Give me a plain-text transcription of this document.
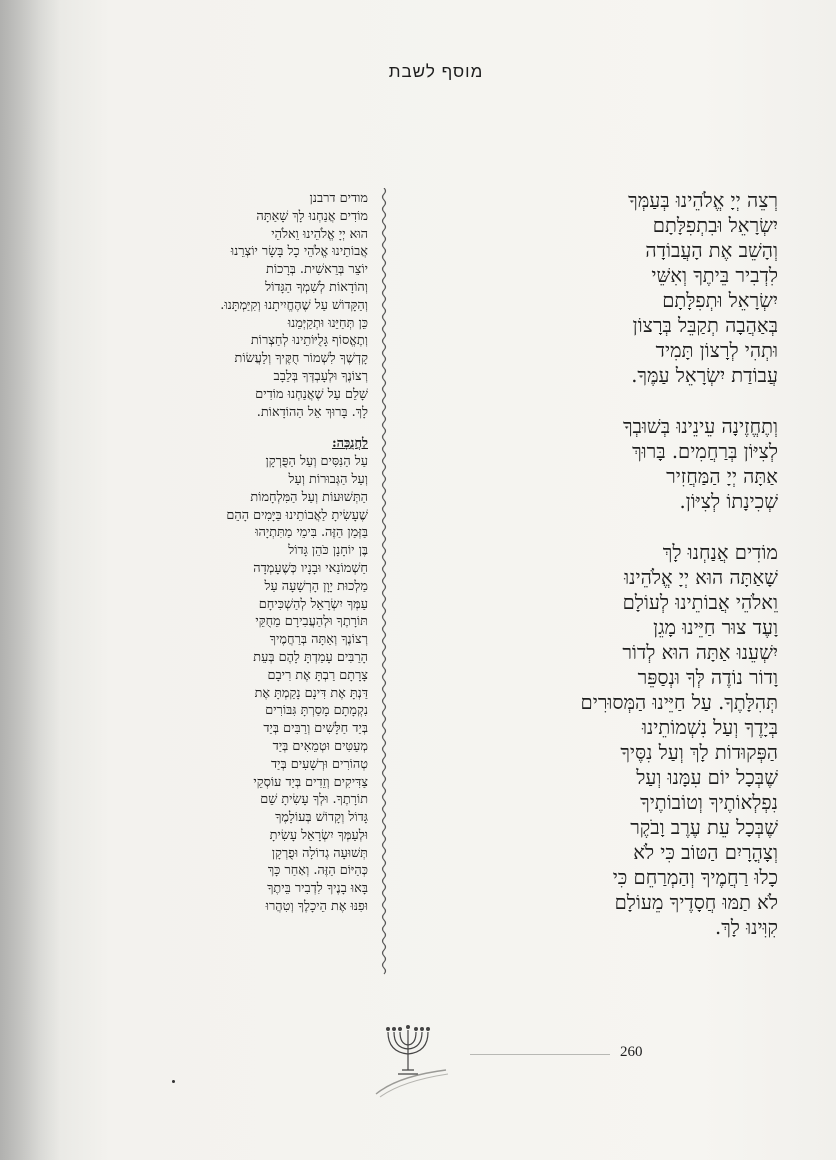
מוסף לשבת

רְצֵה יְיָ אֱלֹהֵינוּ בְּעַמְּךָ
יִשְׂרָאֵל וּבִתְפִלָּתָם
וְהָשֵׁב אֶת הָעֲבוֹדָה
לִדְבִיר בֵּיתֶךָ וְאִשֵּׁי
יִשְׂרָאֵל וּתְפִלָּתָם
בְּאַהֲבָה תְקַבֵּל בְּרָצוֹן
וּתְהִי לְרָצוֹן תָּמִיד
עֲבוֹדַת יִשְׂרָאֵל עַמֶּךָ.

וְתֶחֱזֶינָה עֵינֵינוּ בְּשׁוּבְךָ
לְצִיּוֹן בְּרַחֲמִים. בָּרוּךְ
אַתָּה יְיָ הַמַּחֲזִיר
שְׁכִינָתוֹ לְצִיּוֹן.

מוֹדִים אֲנַחְנוּ לָךְ
שָׁאַתָּה הוּא יְיָ אֱלֹהֵינוּ
וֵאלֹהֵי אֲבוֹתֵינוּ לְעוֹלָם
וָעֶד צוּר חַיֵּינוּ מָגֵן
יִשְׁעֵנוּ אַתָּה הוּא לְדוֹר
וָדוֹר נוֹדֶה לְּךָ וּנְסַפֵּר
תְּהִלָּתֶךָ. עַל חַיֵּינוּ הַמְּסוּרִים
בְּיָדֶךָ וְעַל נִשְׁמוֹתֵינוּ
הַפְּקוּדוֹת לָךְ וְעַל נִסֶּיךָ
שֶׁבְּכָל יוֹם עִמָּנוּ וְעַל
נִפְלְאוֹתֶיךָ וְטוֹבוֹתֶיךָ
שֶׁבְּכָל עֵת עֶרֶב וָבֹקֶר
וְצָהֳרָיִם הַטּוֹב כִּי לֹא
כָלוּ רַחֲמֶיךָ וְהַמְרַחֵם כִּי
לֹא תַמּוּ חֲסָדֶיךָ מֵעוֹלָם
קִוִּינוּ לָךְ.

מודים דרבנן
מוֹדִים אֲנַחְנוּ לָךְ שָׁאַתָּה
הוּא יְיָ אֱלֹהֵינוּ וֵאלֹהֵי
אֲבוֹתֵינוּ אֱלֹהֵי כָל בָּשָׂר יוֹצְרֵנוּ
יוֹצֵר בְּרֵאשִׁית. בְּרָכוֹת
וְהוֹדָאוֹת לְשִׁמְךָ הַגָּדוֹל
וְהַקָּדוֹשׁ עַל שֶׁהֶחֱיִיתָנוּ וְקִיַּמְתָּנוּ.
כֵּן תְּחַיֵּנוּ וּתְקַיְּמֵנוּ
וְתֶאֱסוֹף גָּלֻיּוֹתֵינוּ לְחַצְרוֹת
קָדְשֶׁךָ לִשְׁמוֹר חֻקֶּיךָ וְלַעֲשׂוֹת
רְצוֹנֶךָ וּלְעָבְדְּךָ בְּלֵבָב
שָׁלֵם עַל שֶׁאֲנַחְנוּ מוֹדִים
לָךְ. בָּרוּךְ אֵל הַהוֹדָאוֹת.

לַחֲנֻכָּה:
עַל הַנִּסִּים וְעַל הַפֻּרְקָן
וְעַל הַגְּבוּרוֹת וְעַל
הַתְּשׁוּעוֹת וְעַל הַמִּלְחָמוֹת
שֶׁעָשִׂיתָ לַאֲבוֹתֵינוּ בַּיָּמִים הָהֵם
בַּזְּמַן הַזֶּה. בִּימֵי מַתִּתְיָהוּ
בֶּן יוֹחָנָן כֹּהֵן גָּדוֹל
חַשְׁמוֹנַאי וּבָנָיו כְּשֶׁעָמְדָה
מַלְכוּת יָוָן הָרְשָׁעָה עַל
עַמְּךָ יִשְׂרָאֵל לְהַשְׁכִּיחָם
תּוֹרָתֶךָ וּלְהַעֲבִירָם מֵחֻקֵּי
רְצוֹנֶךָ וְאַתָּה בְּרַחֲמֶיךָ
הָרַבִּים עָמַדְתָּ לָהֶם בְּעֵת
צָרָתָם רַבְתָּ אֶת רִיבָם
דַּנְתָּ אֶת דִּינָם נָקַמְתָּ אֶת
נִקְמָתָם מָסַרְתָּ גִּבּוֹרִים
בְּיַד חַלָּשִׁים וְרַבִּים בְּיַד
מְעַטִּים וּטְמֵאִים בְּיַד
טְהוֹרִים וּרְשָׁעִים בְּיַד
צַדִּיקִים וְזֵדִים בְּיַד עוֹסְקֵי
תוֹרָתֶךָ. וּלְךָ עָשִׂיתָ שֵׁם
גָּדוֹל וְקָדוֹשׁ בְּעוֹלָמֶךָ
וּלְעַמְּךָ יִשְׂרָאֵל עָשִׂיתָ
תְּשׁוּעָה גְדוֹלָה וּפֻרְקָן
כְּהַיּוֹם הַזֶּה. וְאַחַר כָּךְ
בָּאוּ בָנֶיךָ לִדְבִיר בֵּיתֶךָ
וּפִנּוּ אֶת הֵיכָלֶךָ וְטִהֲרוּ

260
